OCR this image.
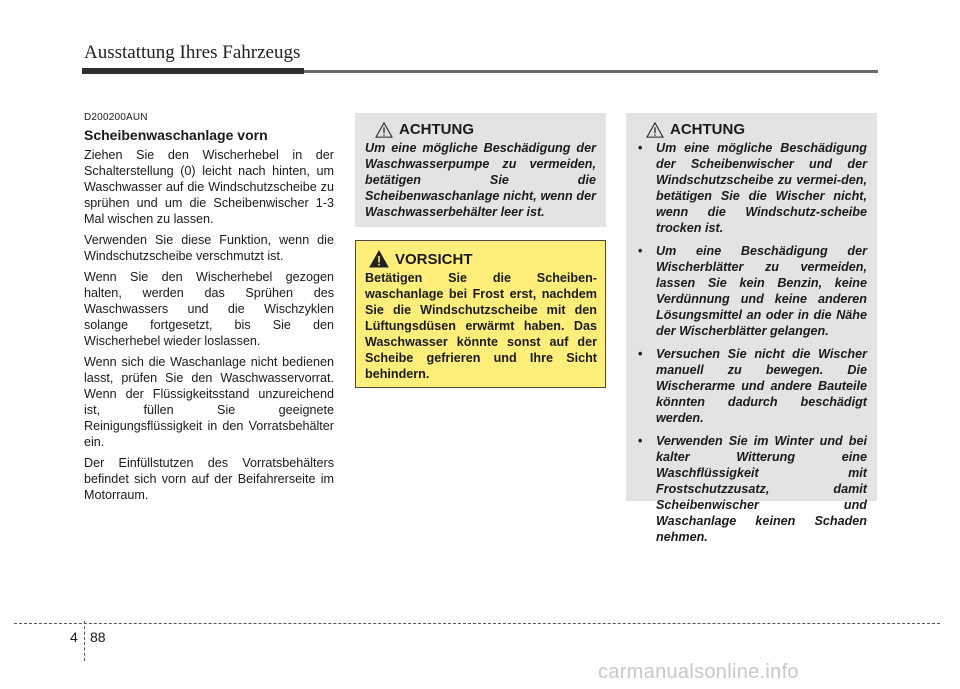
Ausstattung Ihres Fahrzeugs
D200200AUN
Scheibenwaschanlage vorn

Ziehen Sie den Wischerhebel in der Schalterstellung (0) leicht nach hinten, um Waschwasser auf die Windschutzscheibe zu sprühen und um die Scheibenwischer 1-3 Mal wischen zu lassen.

Verwenden Sie diese Funktion, wenn die Windschutzscheibe verschmutzt ist.

Wenn Sie den Wischerhebel gezogen halten, werden das Sprühen des Waschwassers und die Wischzyklen solange fortgesetzt, bis Sie den Wischerhebel wieder loslassen.

Wenn sich die Waschanlage nicht bedienen lasst, prüfen Sie den Waschwasservorrat. Wenn der Flüssigkeitsstand unzureichend ist, füllen Sie geeignete Reinigungsflüssigkeit in den Vorratsbehälter ein.

Der Einfüllstutzen des Vorratsbehälters befindet sich vorn auf der Beifahrerseite im Motorraum.

ACHTUNG
Um eine mögliche Beschädigung der Waschwasserpumpe zu vermeiden, betätigen Sie die Scheibenwaschanlage nicht, wenn der Waschwasserbehälter leer ist.
VORSICHT
Betätigen Sie die Scheiben-waschanlage bei Frost erst, nachdem Sie die Windschutzscheibe mit den Lüftungsdüsen erwärmt haben. Das Waschwasser könnte sonst auf der Scheibe gefrieren und Ihre Sicht behindern.
ACHTUNG
• Um eine mögliche Beschädigung der Scheibenwischer und der Windschutzscheibe zu vermei-den, betätigen Sie die Wischer nicht, wenn die Windschutz-scheibe trocken ist.
• Um eine Beschädigung der Wischerblätter zu vermeiden, lassen Sie kein Benzin, keine Verdünnung und keine anderen Lösungsmittel an oder in die Nähe der Wischerblätter gelangen.
• Versuchen Sie nicht die Wischer manuell zu bewegen. Die Wischerarme und andere Bauteile könnten dadurch beschädigt werden.
• Verwenden Sie im Winter und bei kalter Witterung eine Waschflüssigkeit mit Frostschutzzusatz, damit Scheibenwischer und Waschanlage keinen Schaden nehmen.
4 88
carmanualsonline.info
